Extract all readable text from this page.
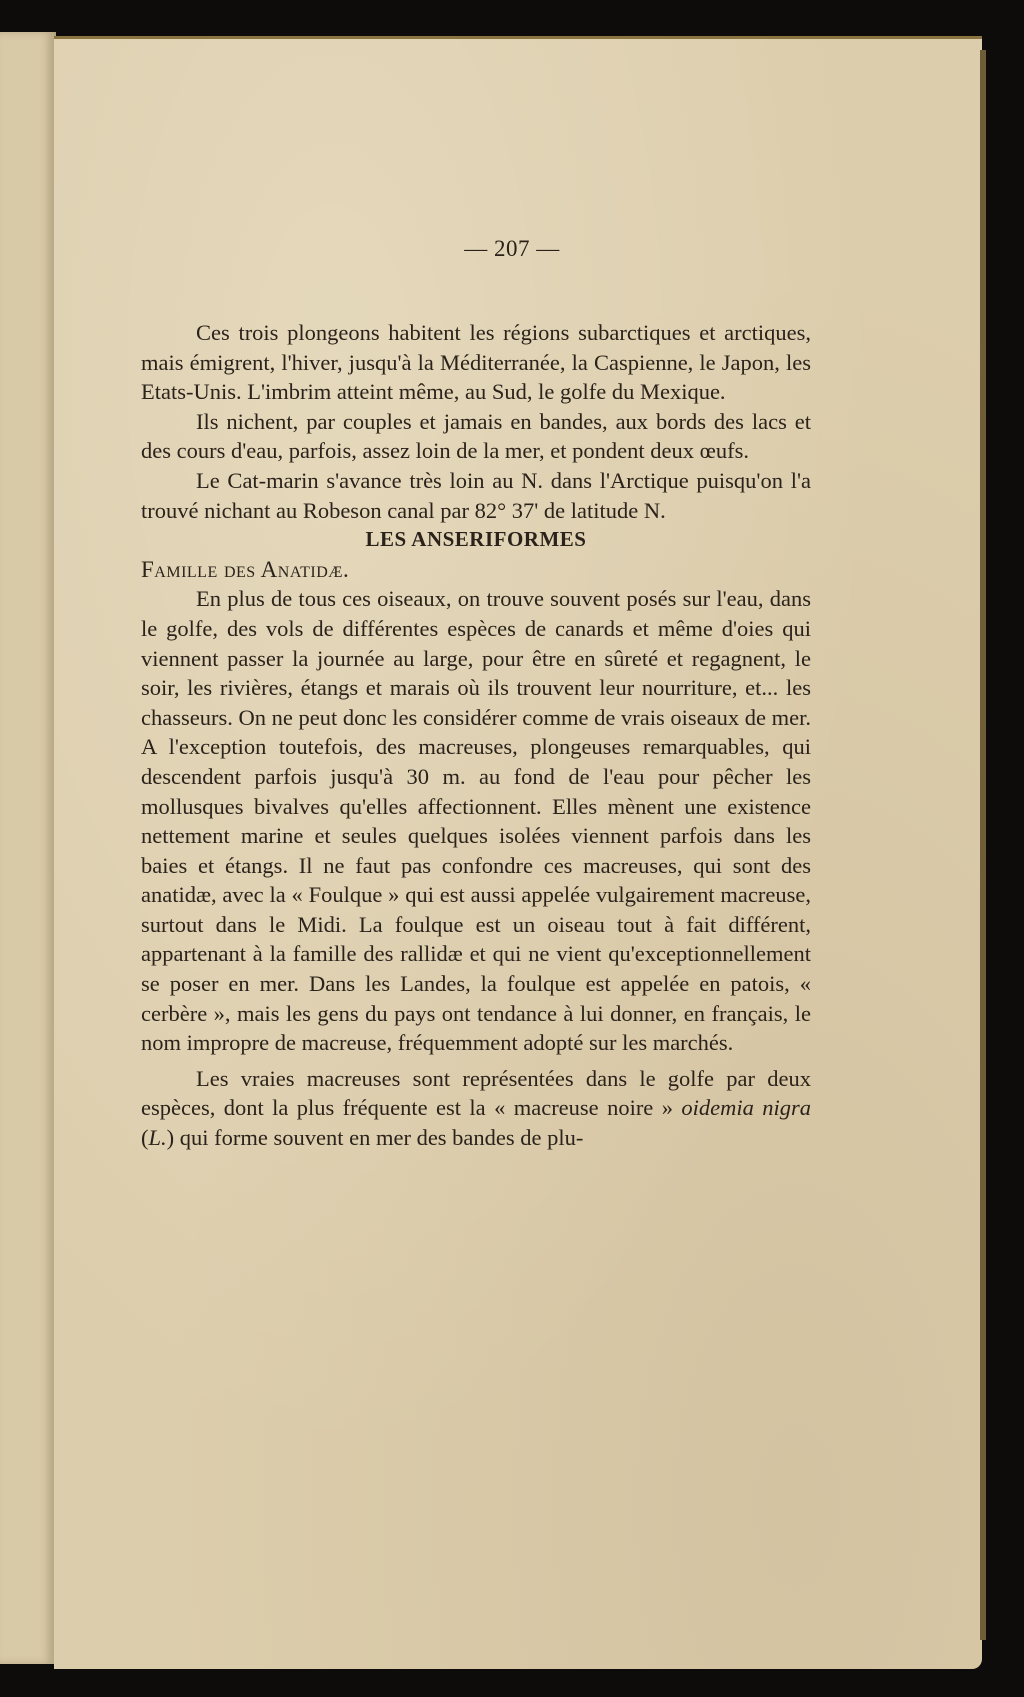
— 207 —

Ces trois plongeons habitent les régions subarctiques et arctiques, mais émigrent, l'hiver, jusqu'à la Méditerranée, la Caspienne, le Japon, les Etats-Unis. L'imbrim atteint même, au Sud, le golfe du Mexique.

Ils nichent, par couples et jamais en bandes, aux bords des lacs et des cours d'eau, parfois, assez loin de la mer, et pondent deux œufs.

Le Cat-marin s'avance très loin au N. dans l'Arctique puisqu'on l'a trouvé nichant au Robeson canal par 82° 37' de latitude N.

LES ANSERIFORMES

Famille des Anatidæ.

En plus de tous ces oiseaux, on trouve souvent posés sur l'eau, dans le golfe, des vols de différentes espèces de canards et même d'oies qui viennent passer la journée au large, pour être en sûreté et regagnent, le soir, les rivières, étangs et marais où ils trouvent leur nourriture, et... les chasseurs. On ne peut donc les considérer comme de vrais oiseaux de mer. A l'exception toutefois, des macreuses, plongeuses remarquables, qui descendent parfois jusqu'à 30 m. au fond de l'eau pour pêcher les mollusques bivalves qu'elles affectionnent. Elles mènent une existence nettement marine et seules quelques isolées viennent parfois dans les baies et étangs. Il ne faut pas confondre ces macreuses, qui sont des anatidæ, avec la « Foulque » qui est aussi appelée vulgairement macreuse, surtout dans le Midi. La foulque est un oiseau tout à fait différent, appartenant à la famille des rallidæ et qui ne vient qu'exceptionnellement se poser en mer. Dans les Landes, la foulque est appelée en patois, « cerbère », mais les gens du pays ont tendance à lui donner, en français, le nom impropre de macreuse, fréquemment adopté sur les marchés.

Les vraies macreuses sont représentées dans le golfe par deux espèces, dont la plus fréquente est la « macreuse noire » oidemia nigra (L.) qui forme souvent en mer des bandes de plu-
